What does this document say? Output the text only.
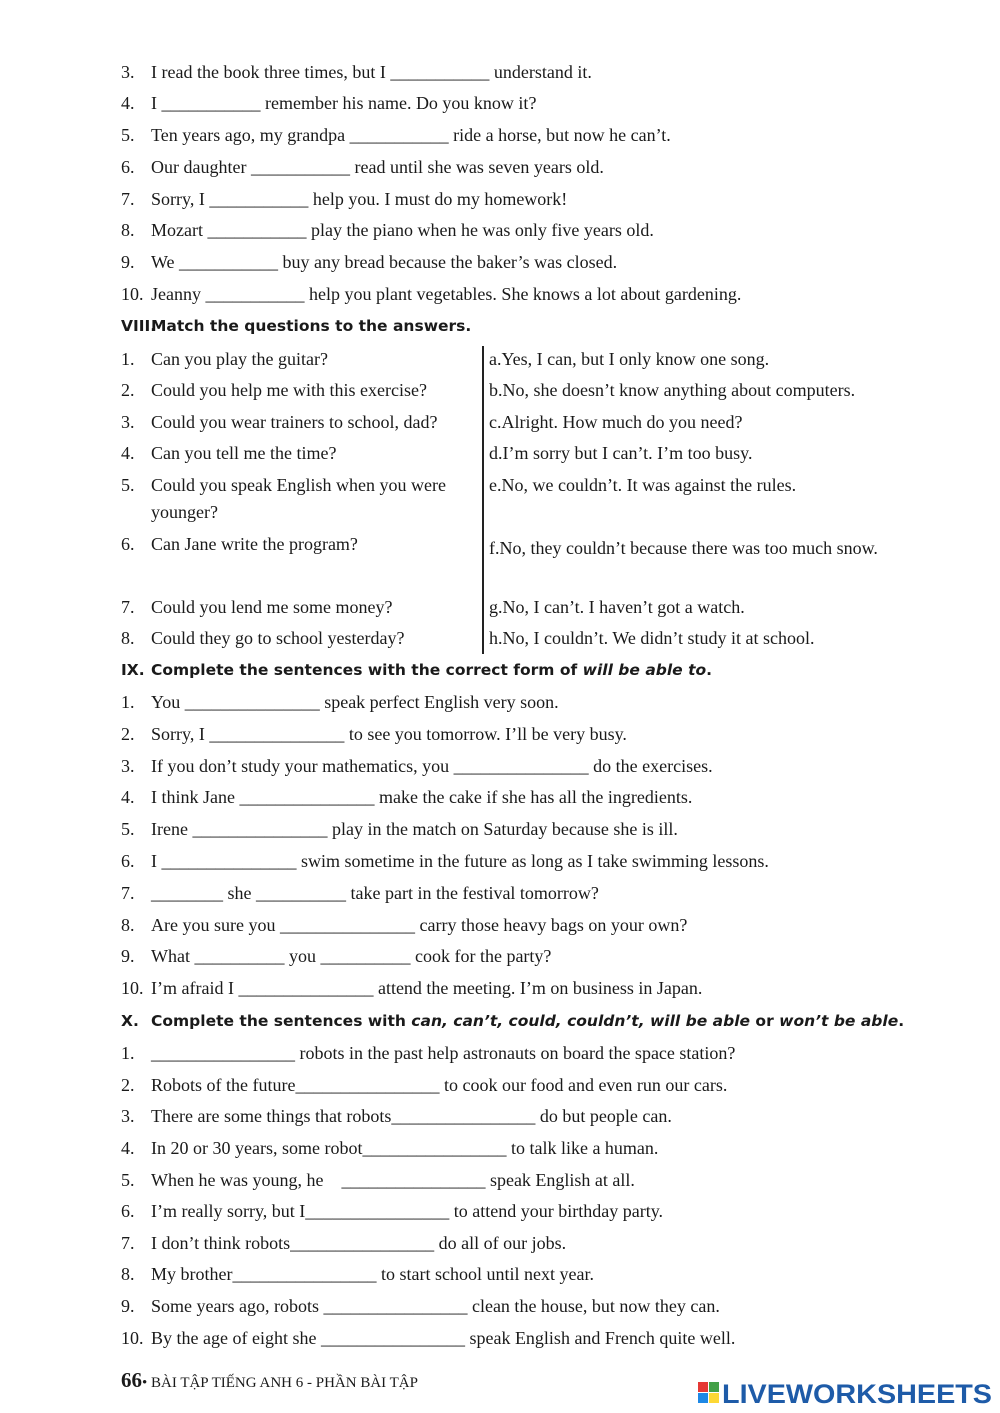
3. I read the book three times, but I ___________ understand it.
4. I ___________ remember his name. Do you know it?
5. Ten years ago, my grandpa ___________ ride a horse, but now he can’t.
6. Our daughter ___________ read until she was seven years old.
7. Sorry, I ___________ help you. I must do my homework!
8. Mozart ___________ play the piano when he was only five years old.
9. We ___________ buy any bread because the baker’s was closed.
10. Jeanny ___________ help you plant vegetables. She knows a lot about gardening.
VIII.Match the questions to the answers.
1. Can you play the guitar?
2. Could you help me with this exercise?
3. Could you wear trainers to school, dad?
4. Can you tell me the time?
5. Could you speak English when you were younger?
6. Can Jane write the program?
7. Could you lend me some money?
8. Could they go to school yesterday?
a.Yes, I can, but I only know one song.
b.No, she doesn’t know anything about computers.
c.Alright. How much do you need?
d.I’m sorry but I can’t. I’m too busy.
e.No, we couldn’t. It was against the rules.
f.No, they couldn’t because there was too much snow.
g.No, I can’t. I haven’t got a watch.
h.No, I couldn’t. We didn’t study it at school.
IX. Complete the sentences with the correct form of will be able to.
1. You _______________ speak perfect English very soon.
2. Sorry, I _______________ to see you tomorrow. I’ll be very busy.
3. If you don’t study your mathematics, you _______________ do the exercises.
4. I think Jane _______________ make the cake if she has all the ingredients.
5. Irene _______________ play in the match on Saturday because she is ill.
6. I _______________ swim sometime in the future as long as I take swimming lessons.
7. ________ she __________ take part in the festival tomorrow?
8. Are you sure you _______________ carry those heavy bags on your own?
9. What __________ you __________ cook for the party?
10. I’m afraid I _______________ attend the meeting. I’m on business in Japan.
X. Complete the sentences with can, can’t, could, couldn’t, will be able or won’t be able.
1. ________________ robots in the past help astronauts on board the space station?
2. Robots of the future________________ to cook our food and even run our cars.
3. There are some things that robots________________ do but people can.
4. In 20 or 30 years, some robot________________ to talk like a human.
5. When he was young, he    ________________ speak English at all.
6. I’m really sorry, but I________________ to attend your birthday party.
7. I don’t think robots________________ do all of our jobs.
8. My brother________________ to start school until next year.
9. Some years ago, robots ________________ clean the house, but now they can.
10. By the age of eight she ________________ speak English and French quite well.
66• BÀI TẬP TIẾNG ANH 6 - PHẦN BÀI TẬP	LIVEWORKSHEETS
